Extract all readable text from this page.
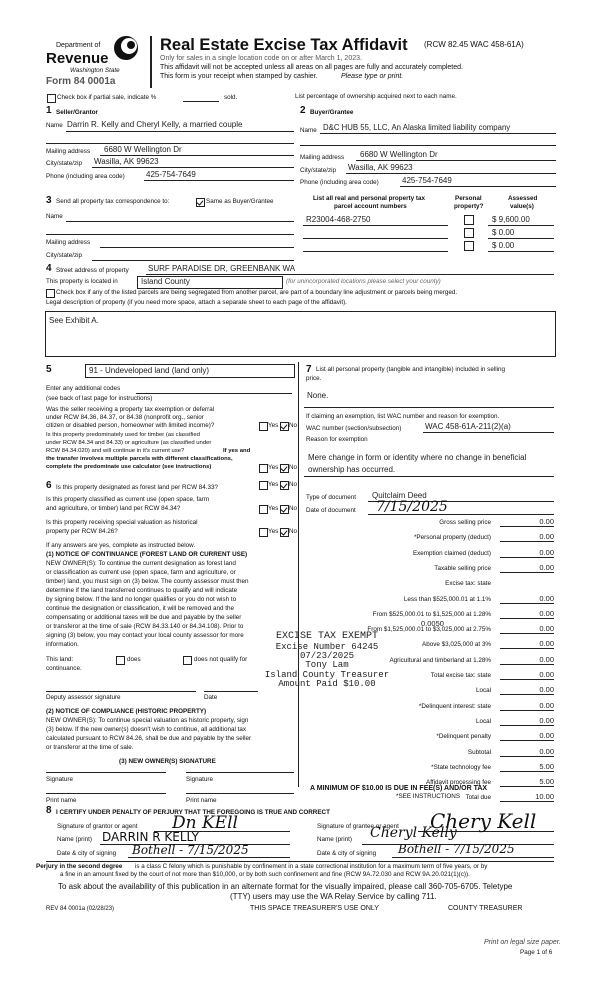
Department of
Revenue
Washington State
Form 84 0001a
Real Estate Excise Tax Affidavit (RCW 82.45 WAC 458-61A)
Only for sales in a single location code on or after March 1, 2023.
This affidavit will not be accepted unless all areas on all pages are fully and accurately completed.
This form is your receipt when stamped by cashier.	Please type or print.
Check box if partial sale, indicate %	sold.	List percentage of ownership acquired next to each name.
1 Seller/Grantor
Name Darrin R. Kelly and Cheryl Kelly, a married couple
Mailing address 6680 W Wellington Dr
City/state/zip Wasilla, AK 99623
Phone (including area code)	425-754-7649
2 Buyer/Grantee
Name D&C HUB 55, LLC, An Alaska limited liability company
Mailing address 6680 W Wellington Dr
City/state/zip Wasilla, AK 99623
Phone (including area code)	425-754-7649
3 Send all property tax correspondence to:	Same as Buyer/Grantee
Name
Mailing address
City/state/zip
List all real and personal property tax
parcel account numbers
Personal
property?
Assessed
value(s)
R23004-468-2750	$ 9,600.00
$ 0.00
$ 0.00
4 Street address of property SURF PARADISE DR, GREENBANK WA
This property is located in	Island County	(for unincorporated locations please select your county)
Check box if any of the listed parcels are being segregated from another parcel, are part of a boundary line adjustment or parcels being merged.
Legal description of property (if you need more space, attach a separate sheet to each page of the affidavit).
See Exhibit A.
5	91 - Undeveloped land (land only)
Enter any additional codes
(see back of last page for instructions)
Was the seller receiving a property tax exemption or deferral
under RCW 84.36, 84.37, or 84.38 (nonprofit org., senior
citizen or disabled person, homeowner with limited income)?	Yes No
Is this property predominately used for timber (as classified
under RCW 84.34 and 84.33) or agriculture (as classified under
RCW 84.34.020) and will continue in it's current use?	If yes and
the transfer involves multiple parcels with different classifications,
complete the predominate use calculator (see instructions)	Yes No
6 Is this property designated as forest land per RCW 84.33?	Yes No
Is this property classified as current use (open space, farm
and agriculture, or timber) land per RCW 84.34?	Yes No
Is this property receiving special valuation as historical
property per RCW 84.26?	Yes No
If any answers are yes, complete as instructed below.
(1) NOTICE OF CONTINUANCE (FOREST LAND OR CURRENT USE)
NEW OWNER(S): To continue the current designation as forest land
or classification as current use (open space, farm and agriculture, or
timber) land, you must sign on (3) below. The county assessor must then
determine if the land transferred continues to qualify and will indicate
by signing below. If the land no longer qualifies or you do not wish to
continue the designation or classification, it will be removed and the
compensating or additional taxes will be due and payable by the seller
or transferor at the time of sale (RCW 84.33.140 or 84.34.108). Prior to
signing (3) below, you may contact your local county assessor for more
information.
This land:
continuance.
does	does not qualify for
Deputy assessor signature	Date
(2) NOTICE OF COMPLIANCE (HISTORIC PROPERTY)
NEW OWNER(S): To continue special valuation as historic property, sign
(3) below. If the new owner(s) doesn't wish to continue, all additional tax
calculated pursuant to RCW 84.26, shall be due and payable by the seller
or transferor at the time of sale.
(3) NEW OWNER(S) SIGNATURE
Signature	Signature
Print name	Print name
7 List all personal property (tangible and intangible) included in selling
price.
None.
If claiming an exemption, list WAC number and reason for exemption.
WAC number (section/subsection)	WAC 458-61A-211(2)(a)
Reason for exemption
Mere change in form or identity where no change in beneficial
ownership has occurred.
Type of document Quitclaim Deed
Date of document 7/15/2025
Gross selling price	0.00
*Personal property (deduct)	0.00
Exemption claimed (deduct)	0.00
Taxable selling price	0.00
Excise tax: state
Less than $525,000.01 at 1.1%	0.00
From $525,000.01 to $1,525,000 at 1.28%	0.00
From $1,525,000.01 to $3,025,000 at 2.75%	0.00
Above $3,025,000 at 3%	0.00
Agricultural and timberland at 1.28%	0.00
Total excise tax: state	0.00
Local	0.00
*Delinquent interest: state	0.00
Local	0.00
*Delinquent penalty	0.00
Subtotal	0.00
*State technology fee	5.00
Affidavit processing fee	5.00
Total due	10.00
0.0050
EXCISE TAX EXEMPT
Excise Number 64245
07/23/2025
Tony Lam
Island County Treasurer
Amount Paid $10.00
A MINIMUM OF $10.00 IS DUE IN FEE(S) AND/OR TAX
*SEE INSTRUCTIONS
8 I CERTIFY UNDER PENALTY OF PERJURY THAT THE FOREGOING IS TRUE AND CORRECT
Signature of grantor or agent Dn KEll
Name (print) DARRIN R KELLY
Date & city of signing Bothell - 7/15/2025
Signature of grantee or agent Chery Kell
Name (print) Cheryl Kelly
Date & city of signing Bothell - 7/15/2025
Perjury in the second degree is a class C felony which is punishable by confinement in a state correctional institution for a maximum term of five years, or by
a fine in an amount fixed by the court of not more than $10,000, or by both such confinement and fine (RCW 9A.72.030 and RCW 9A.20.021(1)(c)).
To ask about the availability of this publication in an alternate format for the visually impaired, please call 360-705-6705. Teletype
(TTY) users may use the WA Relay Service by calling 711.
REV 84 0001a (02/28/23)	THIS SPACE TREASURER'S USE ONLY	COUNTY TREASURER
Print on legal size paper.
Page 1 of 6
